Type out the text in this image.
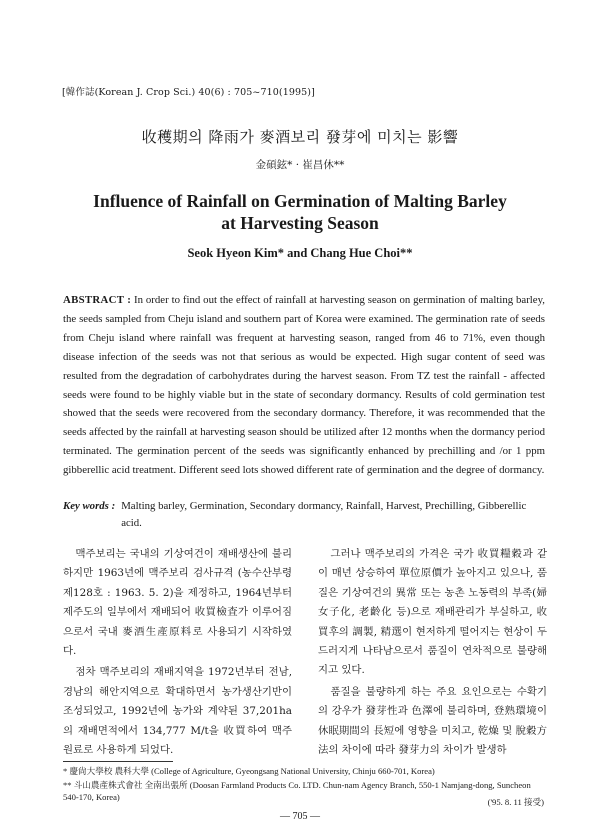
[韓作誌(Korean J. Crop Sci.) 40(6) : 705~710(1995)]
收穫期의 降雨가 麥酒보리 發芽에 미치는 影響
金碩鉉* · 崔昌休**
Influence of Rainfall on Germination of Malting Barley
at Harvesting Season
Seok Hyeon Kim* and Chang Hue Choi**
ABSTRACT : In order to find out the effect of rainfall at harvesting season on germination of malting barley, the seeds sampled from Cheju island and southern part of Korea were examined. The germination rate of seeds from Cheju island where rainfall was frequent at harvesting season, ranged from 46 to 71%, even though disease infection of the seeds was not that serious as would be expected. High sugar content of seed was resulted from the degradation of carbohydrates during the harvest season. From TZ test the rainfall - affected seeds were found to be highly viable but in the state of secondary dormancy. Results of cold germination test showed that the seeds were recovered from the secondary dormancy. Therefore, it was recommended that the seeds affected by the rainfall at harvesting season should be utilized after 12 months when the dormancy period terminated. The germination percent of the seeds was significantly enhanced by prechilling and /or 1 ppm gibberellic acid treatment. Different seed lots showed different rate of germination and the degree of dormancy.
Key words : Malting barley, Germination, Secondary dormancy, Rainfall, Harvest, Prechilling, Gibberellic acid.

맥주보리는 국내의 기상여건이 재배생산에 불리하지만 1963년에 맥주보리 검사규격 (농수산부령 제128호 : 1963. 5. 2)을 제정하고, 1964년부터 제주도의 일부에서 재배되어 收買檢査가 이루어짐으로서 국내 麥酒生產原料로 사용되기 시작하였다.

점차 맥주보리의 재배지역을 1972년부터 전남, 경남의 해안지역으로 확대하면서 농가생산기반이 조성되었고, 1992년에 농가와 계약된 37,201ha의 재배면적에서 134,777 M/t을 收買하여 맥주원료로 사용하게 되었다.

그러나 맥주보리의 가격은 국가 收買糧穀과 같이 매년 상승하여 單位原價가 높아지고 있으나, 품질은 기상여건의 異常 또는 농촌 노동력의 부족(婦女子化, 老齡化 등)으로 재배관리가 부실하고, 收買후의 調製, 精選이 현저하게 떨어지는 현상이 두드러지게 나타남으로서 품질이 연차적으로 불량해지고 있다.

품질을 불량하게 하는 주요 요인으로는 수확기의 강우가 發芽性과 色澤에 불리하며, 登熟環境이 休眠期間의 長短에 영향을 미치고, 乾燥 및 脫穀方法의 차이에 따라 發芽力의 차이가 발생하

* 慶尙大學校 農科大學 (College of Agriculture, Gyeongsang National University, Chinju 660-701, Korea)
** 斗山農產株式會社 全南出張所 (Doosan Farmland Products Co. LTD. Chun-nam Agency Branch, 550-1 Namjang-dong, Suncheon 540-170, Korea)	('95. 8. 11 接受)
— 705 —
